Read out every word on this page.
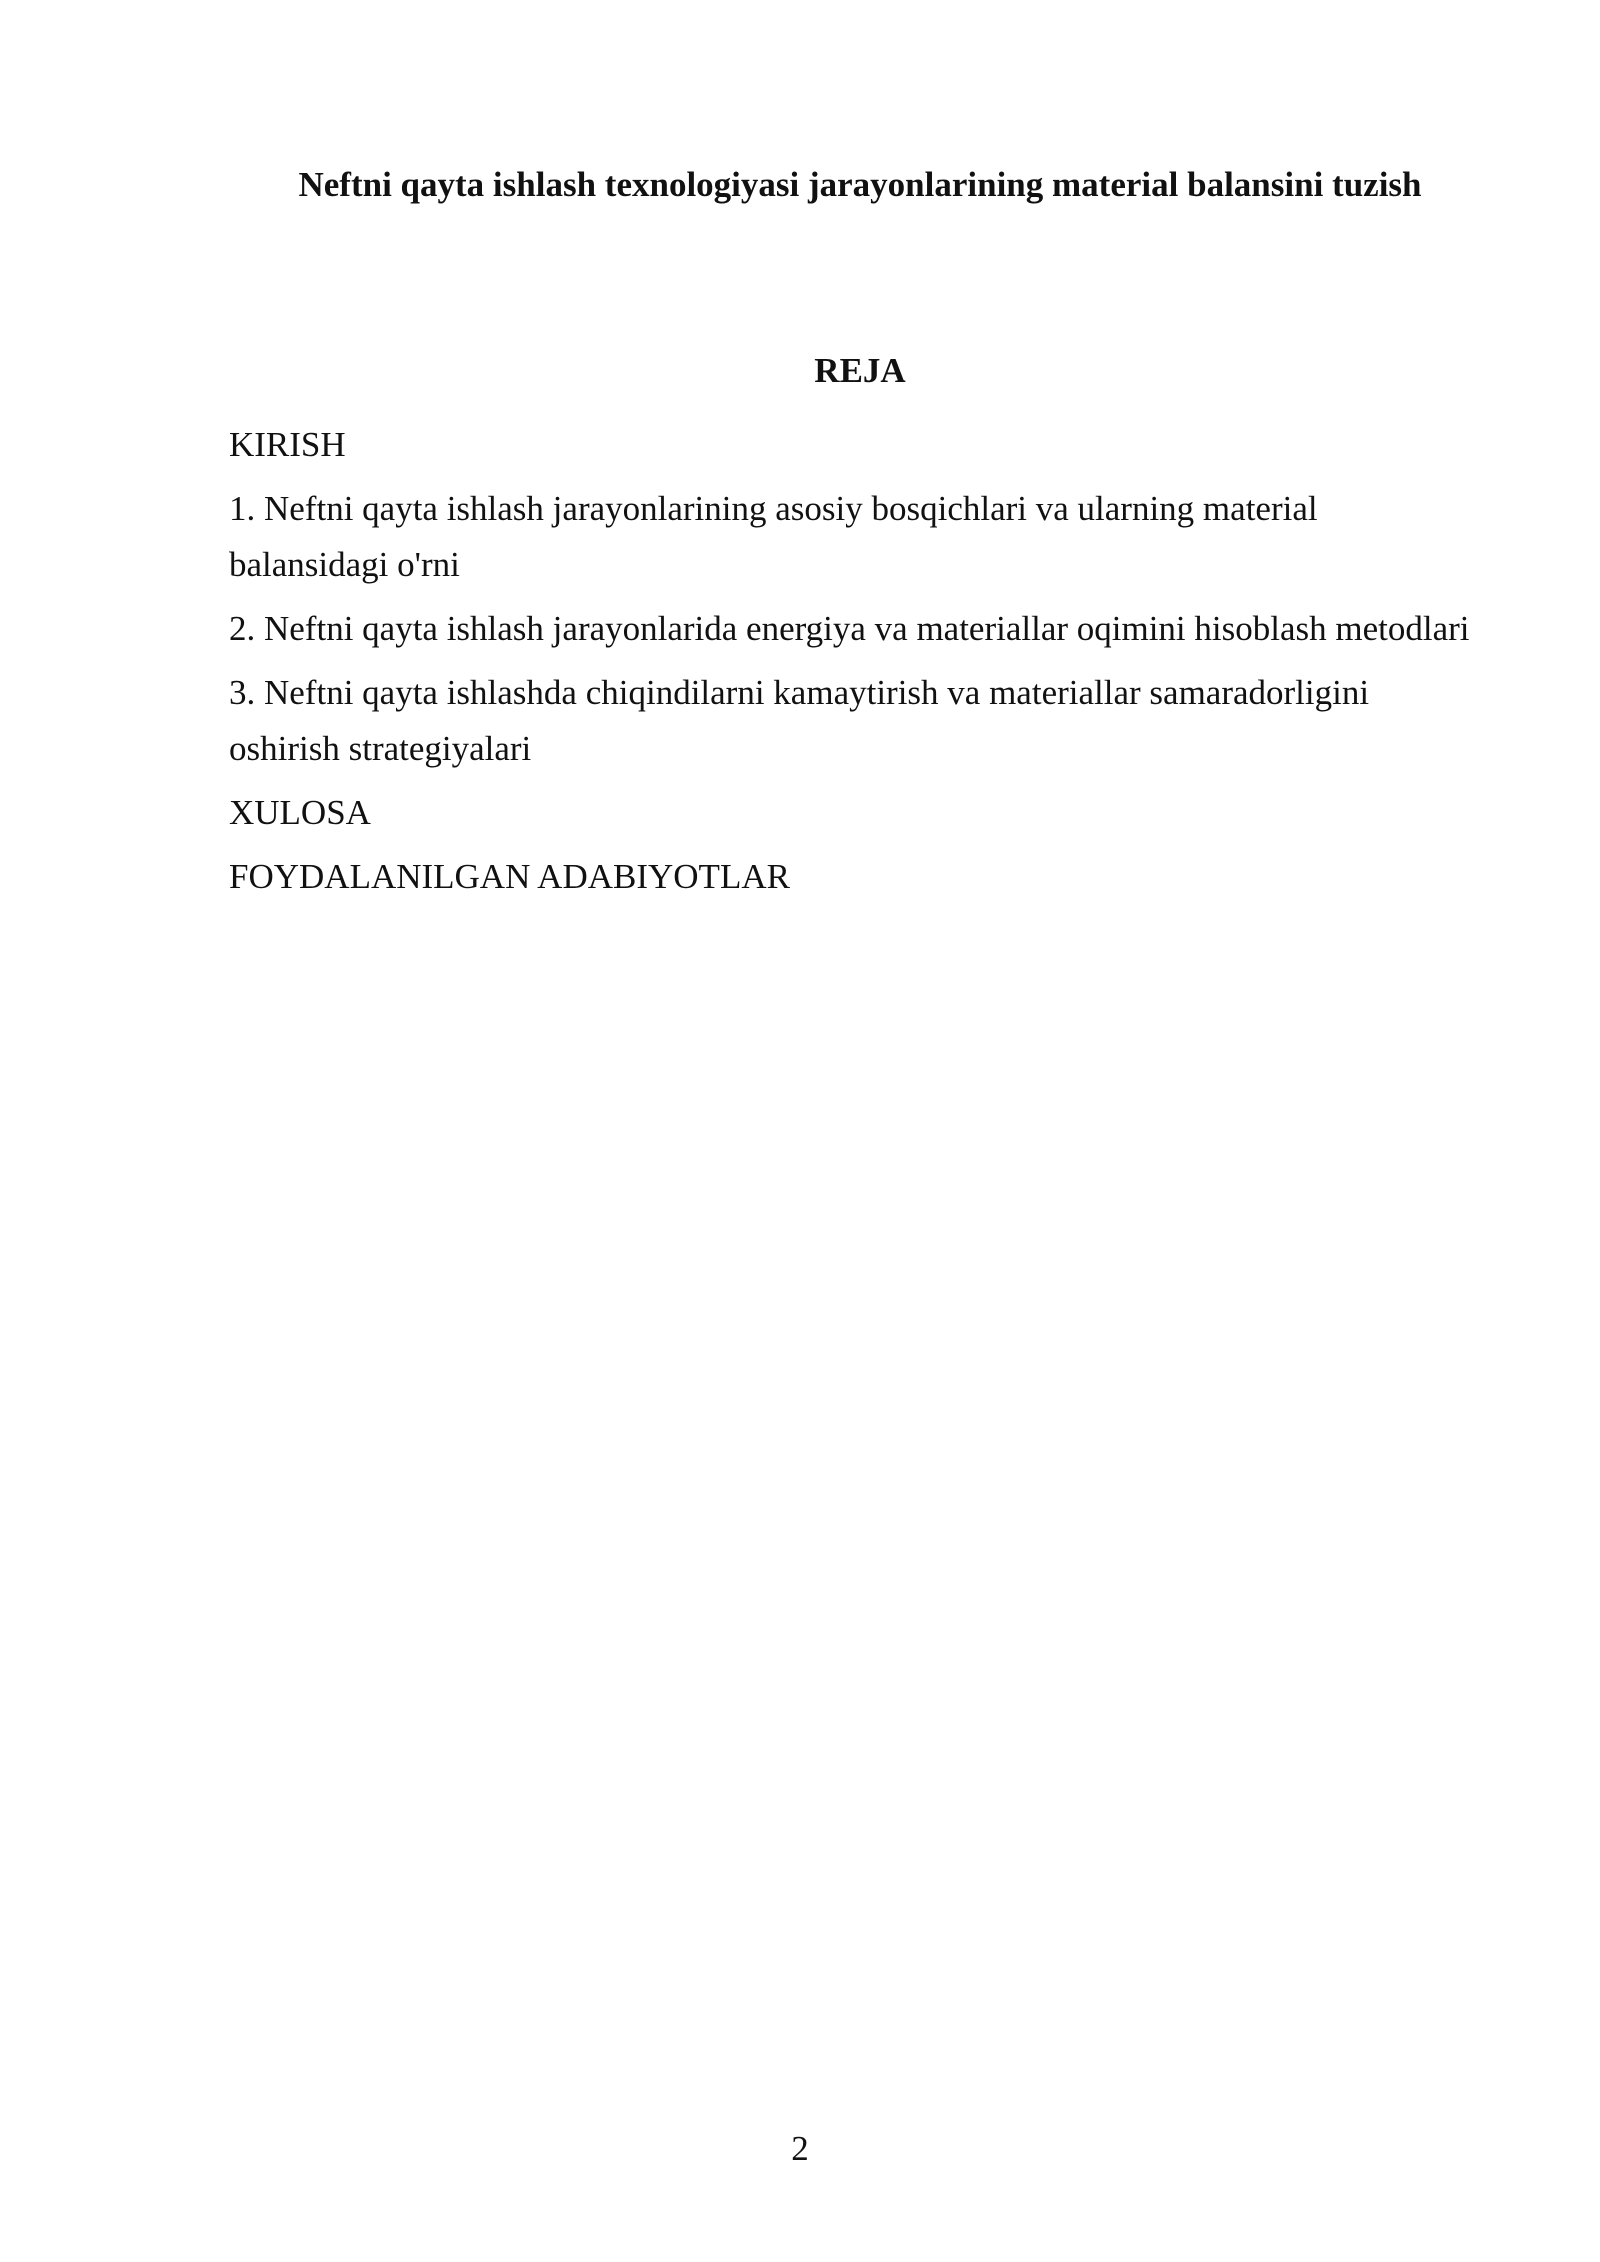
Neftni qayta ishlash texnologiyasi jarayonlarining material balansini tuzish
REJA
KIRISH
1. Neftni qayta ishlash jarayonlarining asosiy bosqichlari va ularning material balansidagi o'rni
2. Neftni qayta ishlash jarayonlarida energiya va materiallar oqimini hisoblash metodlari
3. Neftni qayta ishlashda chiqindilarni kamaytirish va materiallar samaradorligini oshirish strategiyalari
XULOSA
FOYDALANILGAN ADABIYOTLAR
2
